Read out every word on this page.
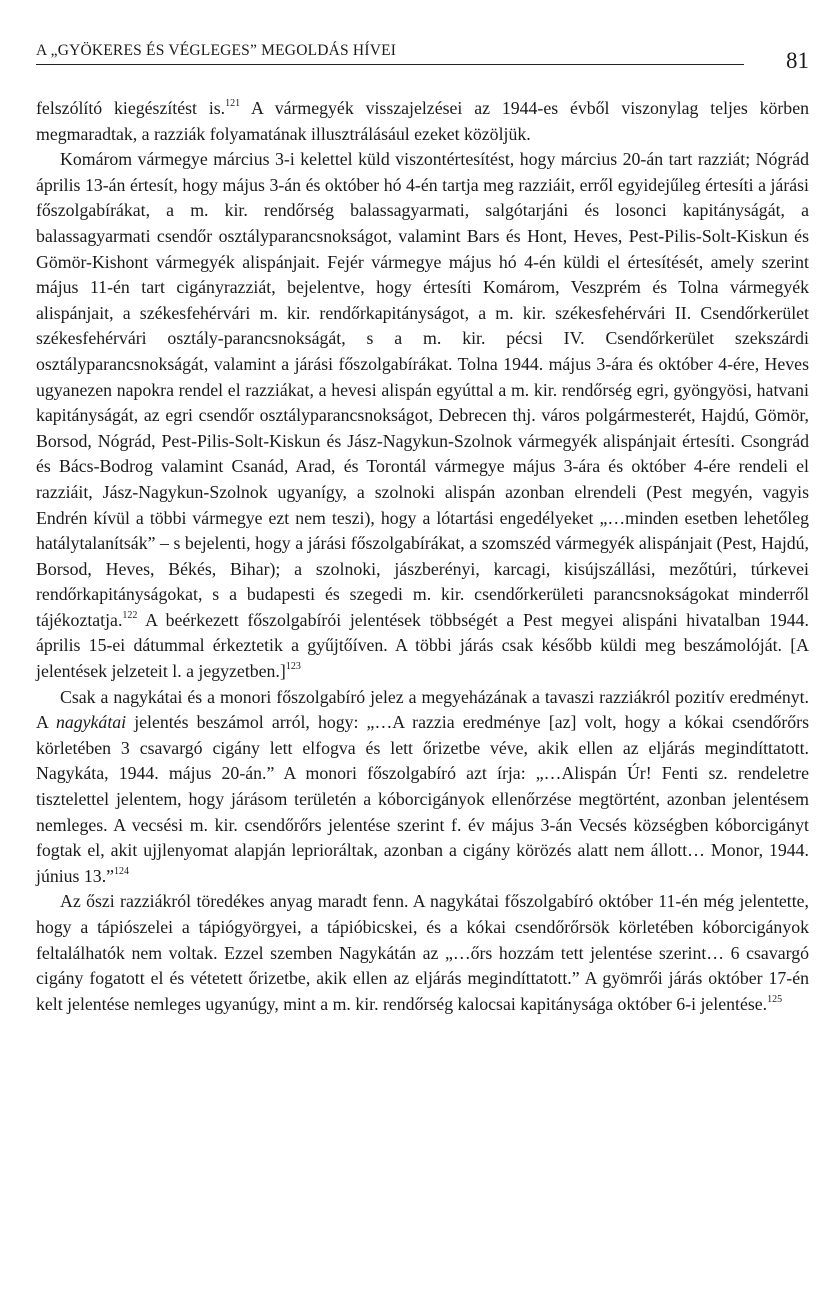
A „GYÖKERES ÉS VÉGLEGES” MEGOLDÁS HÍVEI	81

felszólító kiegészítést is.$^{121}$ A vármegyék visszajelzései az 1944-es évből viszonylag teljes körben megmaradtak, a razziák folyamatának illusztrálásául ezeket közöljük.

Komárom vármegye március 3-i kelettel küld viszontértesítést, hogy március 20-án tart razziát; Nógrád április 13-án értesít, hogy május 3-án és október hó 4-én tartja meg razziáit, erről egyidejűleg értesíti a járási főszolgabírákat, a m. kir. rendőrség balassagyarmati, salgótarjáni és losonci kapitányságát, a balassagyarmati csendőr osztályparancsnokságot, valamint Bars és Hont, Heves, Pest-Pilis-Solt-Kiskun és Gömör-Kishont vármegyék alispánjait. Fejér vármegye május hó 4-én küldi el értesítését, amely szerint május 11-én tart cigányrazziát, bejelentve, hogy értesíti Komárom, Veszprém és Tolna vármegyék alispánjait, a székesfehérvári m. kir. rendőrkapitányságot, a m. kir. székesfehérvári II. Csendőrkerület székesfehérvári osztály-parancsnokságát, s a m. kir. pécsi IV. Csendőrkerület szekszárdi osztályparancsnokságát, valamint a járási főszolgabírákat. Tolna 1944. május 3-ára és október 4-ére, Heves ugyanezen napokra rendel el razziákat, a hevesi alispán egyúttal a m. kir. rendőrség egri, gyöngyösi, hatvani kapitányságát, az egri csendőr osztályparancsnokságot, Debrecen thj. város polgármesterét, Hajdú, Gömör, Borsod, Nógrád, Pest-Pilis-Solt-Kiskun és Jász-Nagykun-Szolnok vármegyék alispánjait értesíti. Csongrád és Bács-Bodrog valamint Csanád, Arad, és Torontál vármegye május 3-ára és október 4-ére rendeli el razziáit, Jász-Nagykun-Szolnok ugyanígy, a szolnoki alispán azonban elrendeli (Pest megyén, vagyis Endrén kívül a többi vármegye ezt nem teszi), hogy a lótartási engedélyeket „…minden esetben lehetőleg hatálytalanítsák” – s bejelenti, hogy a járási főszolgabírákat, a szomszéd vármegyék alispánjait (Pest, Hajdú, Borsod, Heves, Békés, Bihar); a szolnoki, jászberényi, karcagi, kisújszállási, mezőtúri, túrkevei rendőrkapitányságokat, s a budapesti és szegedi m. kir. csendőrkerületi parancsnokságokat minderről tájékoztatja.$^{122}$ A beérkezett főszolgabírói jelentések többségét a Pest megyei alispáni hivatalban 1944. április 15-ei dátummal érkeztetik a gyűjtőíven. A többi járás csak később küldi meg beszámolóját. [A jelentések jelzeteit l. a jegyzetben.]$^{123}$

Csak a nagykátai és a monori főszolgabíró jelez a megyeházának a tavaszi razziákról pozitív eredményt. A nagykátai jelentés beszámol arról, hogy: „…A razzia eredménye [az] volt, hogy a kókai csendőrőrs körletében 3 csavargó cigány lett elfogva és lett őrizetbe véve, akik ellen az eljárás megindíttatott. Nagykáta, 1944. május 20-án.” A monori főszolgabíró azt írja: „…Alispán Úr! Fenti sz. rendeletre tisztelettel jelentem, hogy járásom területén a kóborcigányok ellenőrzése megtörtént, azonban jelentésem nemleges. A vecsési m. kir. csendőrőrs jelentése szerint f. év május 3-án Vecsés községben kóborcigányt fogtak el, akit ujjlenyomat alapján leprioráltak, azonban a cigány körözés alatt nem állott… Monor, 1944. június 13.”$^{124}$

Az őszi razziákról töredékes anyag maradt fenn. A nagykátai főszolgabíró október 11-én még jelentette, hogy a tápiószelei a tápiógyörgyei, a tápióbicskei, és a kókai csendőrőrsök körletében kóborcigányok feltalálhatók nem voltak. Ezzel szemben Nagykátán az „…őrs hozzám tett jelentése szerint… 6 csavargó cigány fogatott el és vétetett őrizetbe, akik ellen az eljárás megindíttatott.” A gyömrői járás október 17-én kelt jelentése nemleges ugyanúgy, mint a m. kir. rendőrség kalocsai kapitánysága október 6-i jelentése.$^{125}$
